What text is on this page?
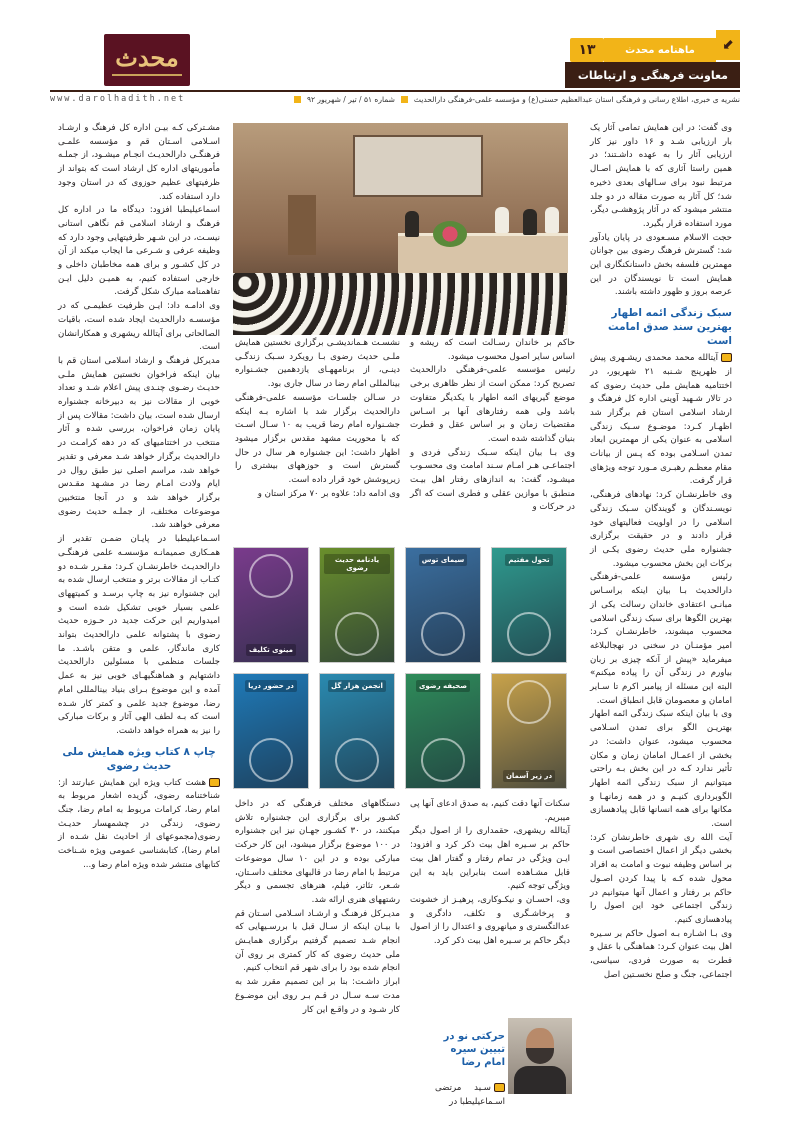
محدث	⬋
ماهنامه محدث
۱۳
معاونت فرهنگی و ارتباطات
www.darolhadith.net	نشریه ی خبری، اطلاع رسانی و فرهنگی استان عبدالعظیم حسنی(ع) و مؤسسه علمی-فرهنگی دارالحدیث
شماره ۵۱ / تیر / شهریور ۹۲

وی گفت: در این همایش تمامی آثار یک بار ارزیابی شـد و ۱۶ داور نیز کار ارزیابی آثار را به عهده داشـتند؛ در همین راستا آثاری که با همایش اصـال مرتبط نبود برای سـالهای بعدی ذخیره شد؛ کل آثار به صورت مقاله در دو جلد منتشر میشود که در آثار پژوهشـی دیگر، مورد استفاده قرار بگیرد.

حجت الاسلام مسـعودی در پایان یادآور شد: گسترش فرهنگ رضوی بین جوانان مهمترین فلسفه بخش داستانکنگاری این همایش است تا نویسندگان در این عرصه بروز و ظهور داشته باشند.

سبک زندگی ائمه اطهار بهترین سند صدق امامت است

آیتالله محمد محمدی ریشـهری پیش از ظهرپنج شـنبه ۲۱ شهریور، در اختتامیه همایش ملی حدیث رضوی که در تالار شـهید آوینی اداره کل فرهنگ و ارشاد اسلامی استان قم برگزار شد اظهـار کـرد: موضـوع سـبک زندگی اسلامی به عنوان یکی از مهمترین ابعاد تمدن اسـلامی بوده که پـس از بیانات مقام معظـم رهبـری مـورد توجه ویژهای قرار گرفت.

وی خاطرنشـان کرد: نهادهای فرهنگی، نویسـندگان و گویندگان سـبک زندگی اسلامی را در اولویت فعالیتهای خود قرار دادند و در حقیقت برگزاری جشنواره ملی حدیث رضوی یکـی از برکات این بخش محسوب میشود.

رئیس مؤسسه علمی-فرهنگی دارالحدیث بـا بیان اینکه براسـاس مبانـی اعتقادی خاندان رسالت یکی از بهترین الگوها برای سبک زندگی اسلامی محسوب میشوند، خاطرنشـان کـرد: امیر مؤمنـان در سخنی در نهجالبلاغه میفرماید «پیش از آنکه چیزی بر زبان بیاورم در زندگی آن را پیاده میکنم» البته این مسئله از پیامبر اکرم تا سـایر امامان و معصومان قابل انطباق است.

وی با بیان اینکه سبک زندگی ائمه اطهار بهتریـن الگو برای تمدن اسـلامی محسوب میشود، عنوان داشت: در بخشی از اعمـال امامان زمان و مکان تأثیر ندارد کـه در این بخش بـه راحتی میتوانیم از سبک زندگی ائمه اطهار الگوبرداری کنیـم و در همه زمانهـا و مکانها برای همه انسانها قابل پیادهسازی است.

آیت الله ری شهری خاطرنشان کرد: بخشی دیگر از اعمال اختصاصی است و بر اساس وظیفه نبوت و امامت به افراد محول شده کـه با پیدا کردن اصـول حاکم بر رفتار و اعمال آنها میتوانیم در زندگی اجتماعی خود این اصول را پیادهسازی کنیم.

وی بـا اشـاره بـه اصول حاکم بر سـیره اهل بیت عنوان کـرد: هماهنگی با عقل و فطرت به صورت فردی، سیاسی، اجتماعی، جنگ و صلح نخسـتین اصل

حاکم بر خاندان رسـالت است که ریشه و اساس سایر اصول محسوب میشود.

رئیس مؤسسه علمی-فرهنگی دارالحدیث تصریح کرد: ممکن است از نظر ظاهری برخی موضع گیریهای ائمه اطهار با یکدیگر متفاوت باشد ولی همه رفتارهای آنها بر اسـاس مقتضیات زمان و بر اساس عقل و فطرت بنیان گذاشته شده است.

وی بـا بیان اینکه سـبک زندگی فردی و اجتماعـی هـر امـام سـند امامت وی محسـوب میشـود، گفت: به اندازهای رفتار اهل بیـت منطبق با موازین عقلی و فطری است که اگر در حرکات و

سکنات آنها دقت کنیم، به صدق ادعای آنها پی میبریم.

آیتالله ریشهری، حقمداری را از اصول دیگر حاکم بر سـیره اهل بیت ذکر کرد و افزود: ایـن ویژگی در تمام رفتار و گفتار اهل بیت قابل مشـاهده است بنابراین باید به این ویژگی توجه کنیم.

وی، احسـان و نیکـوکاری، پرهیـز از خشونت و پرخاشـگری و تکلف، دادگری و عدالتگستری و میانهروی و اعتدال را از اصول دیگر حاکم بر سـیره اهل بیت ذکر کرد.

حرکتی نو در تبیین سیره امام رضا
سـید مرتضی اسـماعیلیطبا در

نشسـت هـماندیشـی برگزاری نخستین همایش ملـی حدیث رضوی بـا رویکرد سـبک زندگـی دینـی، از برنامههـای یازدهمین جشـنواره بینالمللی امام رضا در سال جاری بود.

در سـالن جلسـات مؤسسه علمی-فرهنگی دارالحدیث برگزار شد با اشاره بـه اینکه جشـنواره امام رضا قریب به ۱۰ سـال اسـت که با محوریت مشهد مقدس برگزار میشود اظهار داشت: این جشنواره هر سال در حال گسترش است و حوزههای بیشتری را زیرپوشش خود قرار داده است.

وی ادامه داد: علاوه بر ۷۰ مرکز استان و

دستگاههای مختلف فرهنگی که در داخل کشـور برای برگزاری این جشنواره تلاش میکنند، در ۳۰ کشـور جهـان نیز این جشنواره در ۱۰۰ موضوع برگزار میشود، این کار حرکت مبارکی بوده و در این ۱۰ سال موضوعات مرتبط با امام رضا در قالبهای مختلف داسـتان، شـعر، تئاتر، فیلم، هنرهای تجسمی و دیگر رشتههای هنری ارائه شد.

مدیـرکل فرهنـگ و ارشـاد اسـلامی اسـتان قم با بیـان اینکه از سـال قبل با بررسـیهایی که انجام شـد تصمیم گرفتیم برگزاری همایـش ملی حدیث رضوی که کار کمتری بر روی آن انجام شده بود را برای شهر قم انتخاب کنیم.

ابراز داشـت: بنا بر این تصمیم مقرر شد به مدت سـه سـال در قـم بـر روی این موضـوع کار شـود و در واقـع این کار

تحول مفتیم
سیمای توس
یادنامه حدیث رضوی
مینوی تکلیف
در زیر آسمان
صحیفه رضوی
انجمن هزار گل
در حضور دریا

مشـترکی کـه بیـن اداره کل فرهنگ و ارشـاد اسـلامی اسـتان قم و مؤسسه علمـی فرهنگـی دارالحدیـث انجـام میشـود، از جملـه مأموریتهای اداره کل ارشاد است که بتواند از ظرفیتهای عظیم حوزوی که در استان وجود دارد استفاده کند.

اسماعیلیطبا افزود: دیدگاه ما در اداره کل فرهنگ و ارشاد اسلامی قم نگاهی استانی نیسـت، در این شـهر ظرفیتهایی وجود دارد که وظیفه عرفی و شـرعی ما ایجاب میکند از آن در کل کشـور و برای همه مخاطبان داخلی و خارجی استفاده کنیم، به همیـن دلیل ایـن تفاهمنامه مبارک شکل گرفت.

وی ادامـه داد: ایـن ظرفیت عظیمـی که در مؤسسـه دارالحدیث ایجاد شده است، باقیات الصالحاتی برای آیتالله ریشهری و همکارانشان است.

مدیرکل فرهنگ و ارشاد اسلامی استان قم با بیان اینکه فراخوان نخستین همایش ملـی حدیـث رضـوی چنـدی پیش اعلام شـد و تعداد خوبی از مقالات نیز به دبیرخانه جشنواره ارسال شده است، بیان داشت: مقالات پس از پایان زمان فراخوان، بررسی شده و آثار منتخب در اختتامیهای که در دهه کرامـت در دارالحدیث برگزار خواهد شـد معرفی و تقدیر خواهد شد، مراسم اصلی نیز طبق روال در ایام ولادت امـام رضا در مشـهد مقـدس برگزار خواهد شد و در آنجا منتخبین موضوعات مختلف، از جملـه حدیث رضوی معرفی خواهند شد.

اسـماعیلیطبا در پایـان ضمـن تقدیر از همـکاری صمیمانـه مؤسسـه علمی فرهنگـی دارالحدیـث خاطرنشـان کـرد: مقـرر شـده دو کتـاب از مقالات برتر و منتخب ارسال شده به این جشنواره نیز به چاپ برسـد و کمیتههای علمی بسیار خوبی تشکیل شده است و امیدواریم این حرکت جدید در حـوزه حدیث رضوی با پشتوانه علمی دارالحدیث بتواند کاری ماندگار، علمی و متقن باشـد. ما جلسات منظمی با مسئولین دارالحدیث داشتهایم و هماهنگیهـای خوبی نیز به عمل آمده و این موضوع بـرای بنیاد بینالمللی امام رضا، موضوع جدید علمی و کمتر کار شـده است که بـه لطف الهی آثار و برکات مبارکی را نیز به همراه خواهد داشت.

چاپ ۸ کتاب ویژه همایش ملی حدیث رضوی

هشت کتاب ویژه این همایش عبارتند از: شناختنامه رضوی، گزیده اشعار مربوط به امام رضا، کرامات مربوط به امام رضا، جنگ رضوی، زندگی در چشمهسار حدیـث رضوی(مجموعهای از احادیث نقل شـده از امام رضا)، کتابشناسی عمومی ویژه شـناخت کتابهای منتشر شده ویژه امام رضا و...
